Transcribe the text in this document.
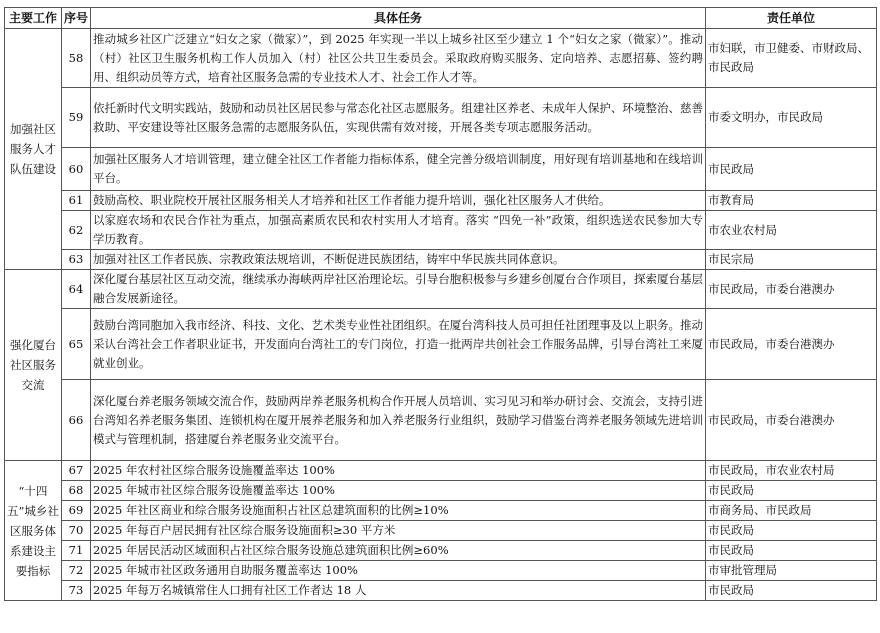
主要工作	序号	具体任务	责任单位
加强社区服务人才队伍建设	58	推动城乡社区广泛建立“妇女之家（微家）”，到 2025 年实现一半以上城乡社区至少建立 1 个“妇女之家（微家）”。推动（村）社区卫生服务机构工作人员加入（村）社区公共卫生委员会。采取政府购买服务、定向培养、志愿招募、签约聘用、组织动员等方式，培育社区服务急需的专业技术人才、社会工作人才等。	市妇联，市卫健委、市财政局、市民政局
	59	依托新时代文明实践站，鼓励和动员社区居民参与常态化社区志愿服务。组建社区养老、未成年人保护、环境整治、慈善救助、平安建设等社区服务急需的志愿服务队伍，实现供需有效对接，开展各类专项志愿服务活动。	市委文明办，市民政局
	60	加强社区服务人才培训管理，建立健全社区工作者能力指标体系，健全完善分级培训制度，用好现有培训基地和在线培训平台。	市民政局
	61	鼓励高校、职业院校开展社区服务相关人才培养和社区工作者能力提升培训，强化社区服务人才供给。	市教育局
	62	以家庭农场和农民合作社为重点，加强高素质农民和农村实用人才培育。落实 “四免一补”政策，组织选送农民参加大专学历教育。	市农业农村局
	63	加强对社区工作者民族、宗教政策法规培训，不断促进民族团结，铸牢中华民族共同体意识。	市民宗局
强化厦台社区服务交流	64	深化厦台基层社区互动交流，继续承办海峡两岸社区治理论坛。引导台胞积极参与乡建乡创厦台合作项目，探索厦台基层融合发展新途径。	市民政局，市委台港澳办
	65	鼓励台湾同胞加入我市经济、科技、文化、艺术类专业性社团组织。在厦台湾科技人员可担任社团理事及以上职务。推动采认台湾社会工作者职业证书，开发面向台湾社工的专门岗位，打造一批两岸共创社会工作服务品牌，引导台湾社工来厦就业创业。	市民政局，市委台港澳办
	66	深化厦台养老服务领域交流合作，鼓励两岸养老服务机构合作开展人员培训、实习见习和举办研讨会、交流会，支持引进台湾知名养老服务集团、连锁机构在厦开展养老服务和加入养老服务行业组织，鼓励学习借鉴台湾养老服务领域先进培训模式与管理机制，搭建厦台养老服务业交流平台。	市民政局，市委台港澳办
“十四五”城乡社区服务体系建设主要指标	67	2025 年农村社区综合服务设施覆盖率达 100%	市民政局，市农业农村局
	68	2025 年城市社区综合服务设施覆盖率达 100%	市民政局
	69	2025 年社区商业和综合服务设施面积占社区总建筑面积的比例≥10%	市商务局、市民政局
	70	2025 年每百户居民拥有社区综合服务设施面积≥30 平方米	市民政局
	71	2025 年居民活动区域面积占社区综合服务设施总建筑面积比例≥60%	市民政局
	72	2025 年城市社区政务通用自助服务覆盖率达 100%	市审批管理局
	73	2025 年每万名城镇常住人口拥有社区工作者达 18 人	市民政局
